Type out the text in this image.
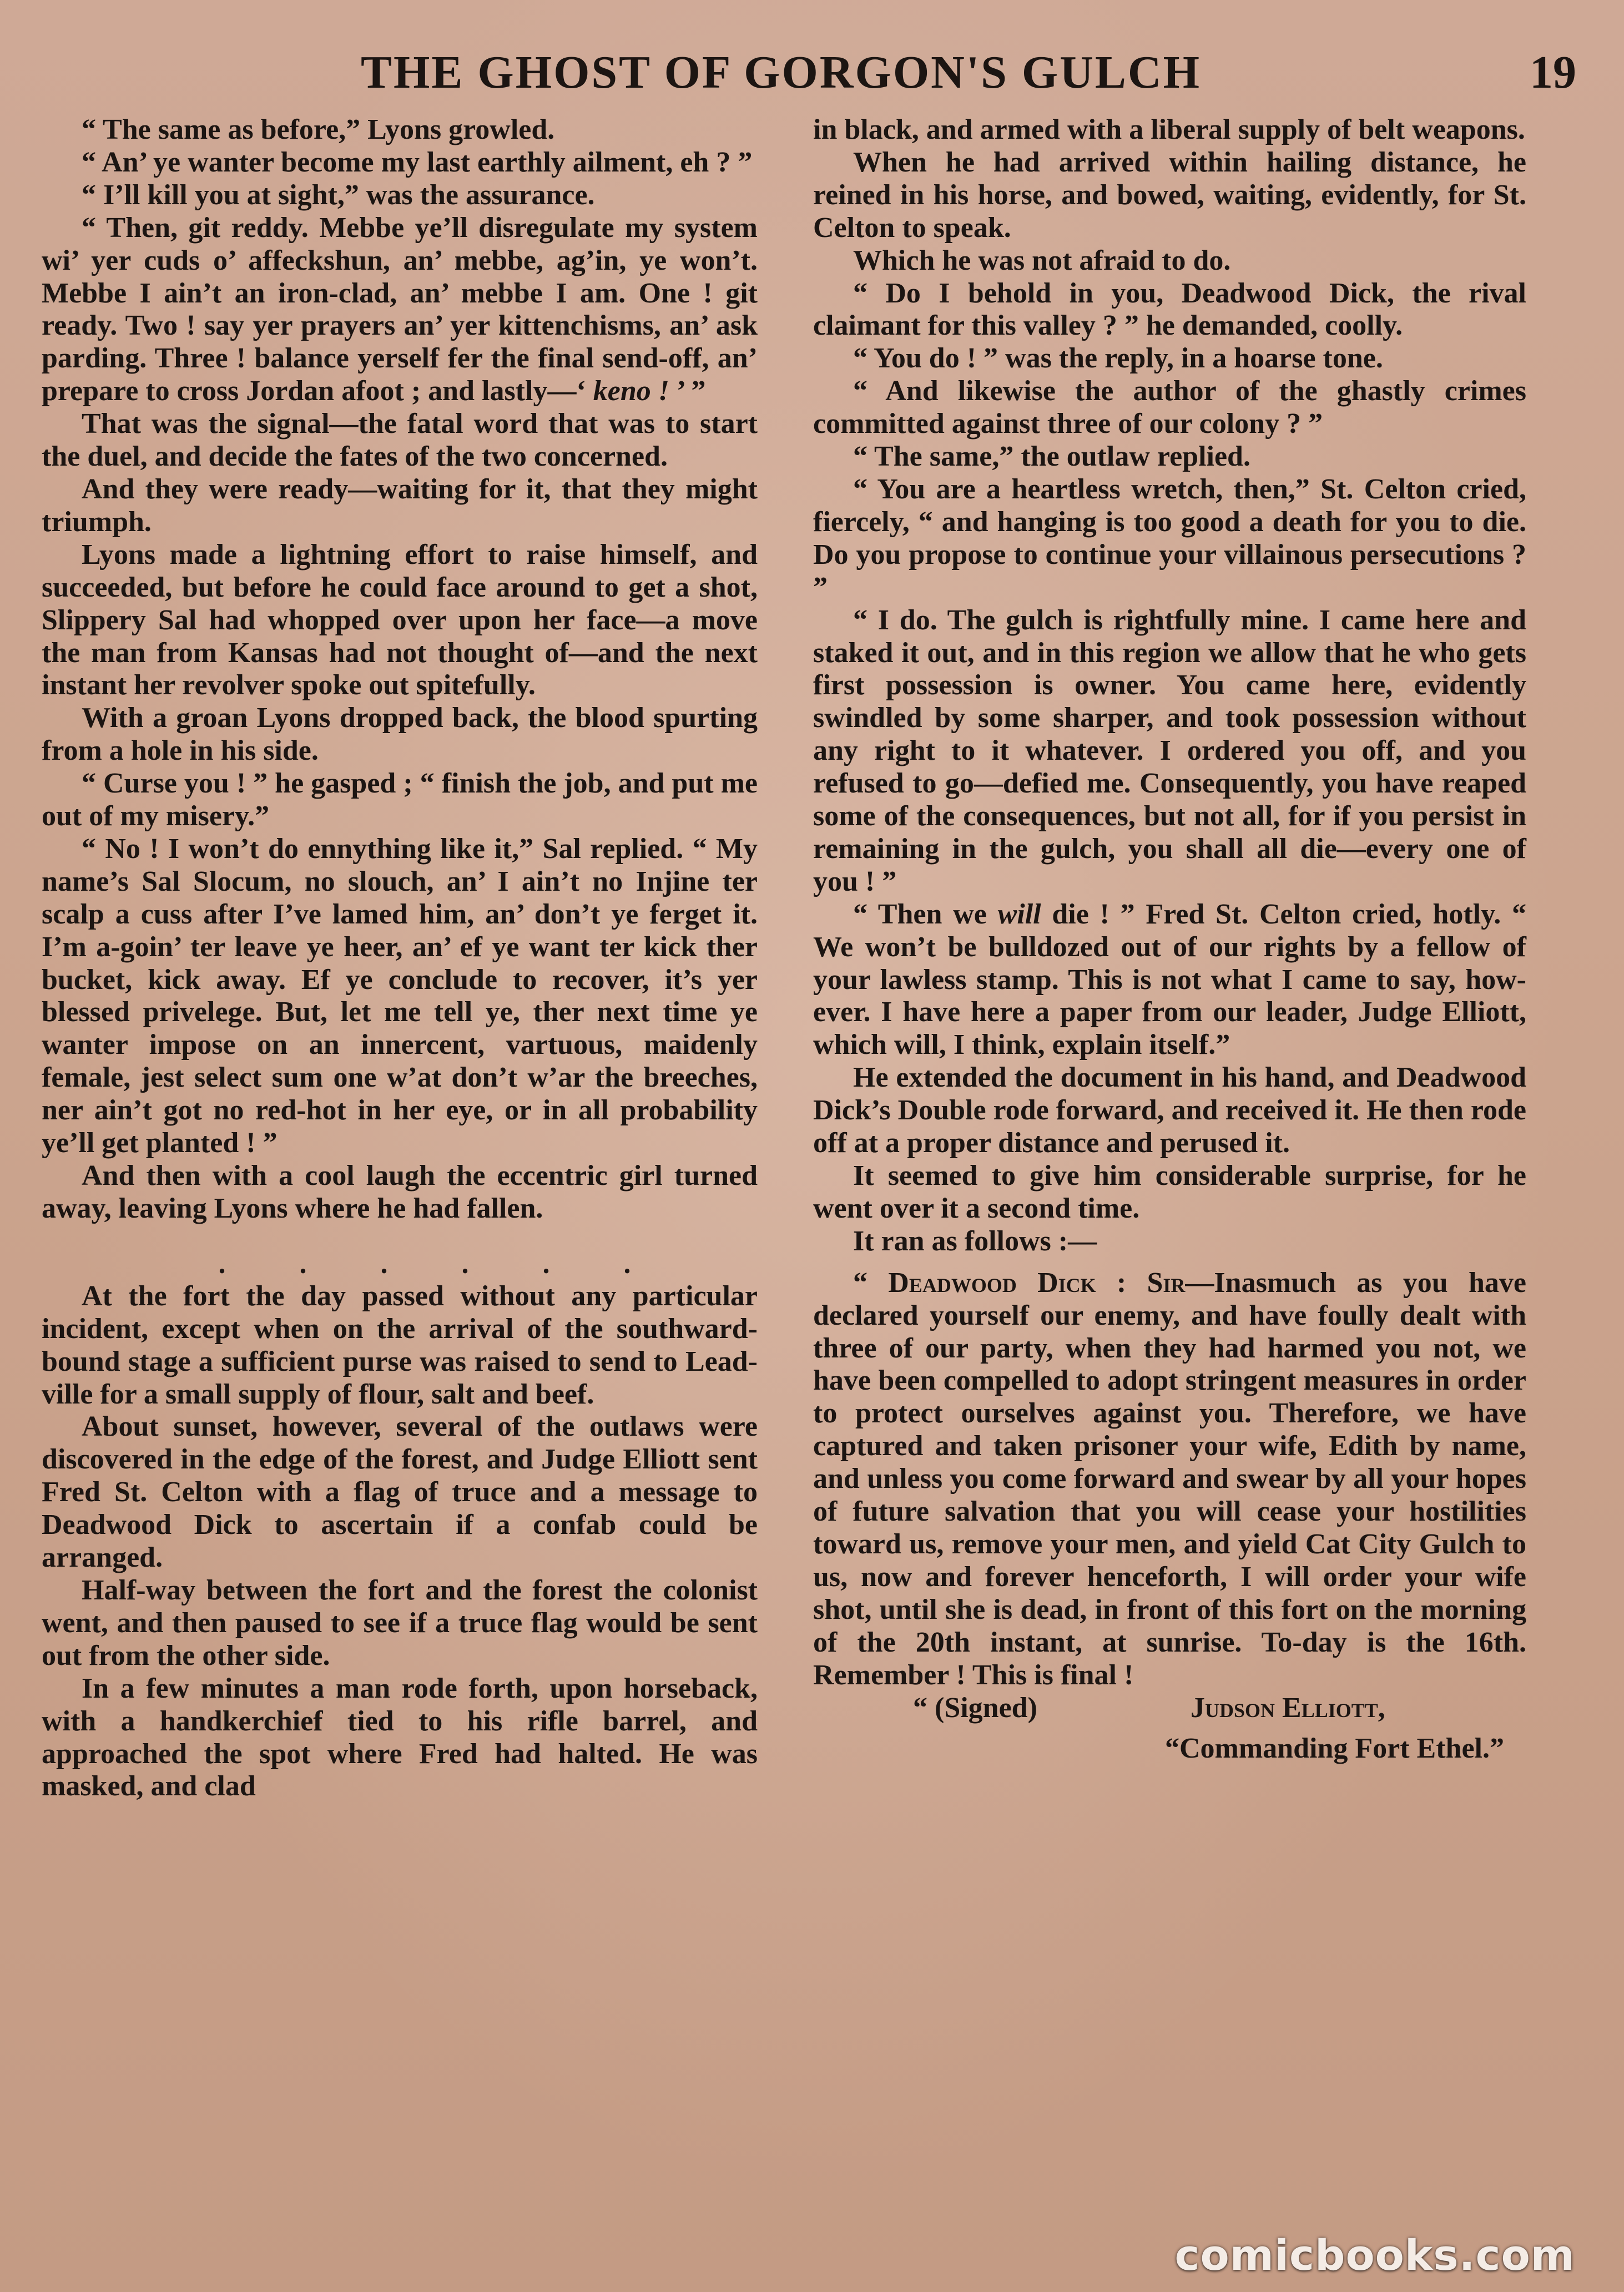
THE GHOST OF GORGON'S GULCH	19

“ The same as before,” Lyons growled.

“ An’ ye wanter become my last earthly ailment, eh ? ”

“ I’ll kill you at sight,” was the assurance.

“ Then, git reddy. Mebbe ye’ll disregulate my system wi’ yer cuds o’ affeckshun, an’ mebbe, ag’in, ye won’t. Mebbe I ain’t an iron-clad, an’ mebbe I am. One ! git ready. Two ! say yer prayers an’ yer kittenchisms, an’ ask parding. Three ! balance yerself fer the final send-off, an’ prepare to cross Jordan afoot ; and lastly—‘ keno ! ’ ”

That was the signal—the fatal word that was to start the duel, and decide the fates of the two concerned.

And they were ready—waiting for it, that they might triumph.

Lyons made a lightning effort to raise himself, and succeeded, but before he could face around to get a shot, Slippery Sal had whopped over upon her face—a move the man from Kansas had not thought of—and the next instant her revolver spoke out spitefully.

With a groan Lyons dropped back, the blood spurting from a hole in his side.

“ Curse you ! ” he gasped ; “ finish the job, and put me out of my misery.”

“ No ! I won’t do ennything like it,” Sal replied. “ My name’s Sal Slocum, no slouch, an’ I ain’t no Injine ter scalp a cuss after I’ve lamed him, an’ don’t ye ferget it. I’m a-goin’ ter leave ye heer, an’ ef ye want ter kick ther bucket, kick away. Ef ye conclude to recover, it’s yer blessed privelege. But, let me tell ye, ther next time ye wanter impose on an innercent, vartuous, maidenly female, jest select sum one w’at don’t w’ar the breeches, ner ain’t got no red-hot in her eye, or in all probability ye’ll get planted ! ”

And then with a cool laugh the eccentric girl turned away, leaving Lyons where he had fallen.

. . . . . .

At the fort the day passed without any particular incident, except when on the arrival of the southward-bound stage a sufficient purse was raised to send to Leadville for a small supply of flour, salt and beef.

About sunset, however, several of the outlaws were discovered in the edge of the forest, and Judge Elliott sent Fred St. Celton with a flag of truce and a message to Deadwood Dick to ascertain if a confab could be arranged.

Half-way between the fort and the forest the colonist went, and then paused to see if a truce flag would be sent out from the other side.

In a few minutes a man rode forth, upon horseback, with a handkerchief tied to his rifle barrel, and approached the spot where Fred had halted. He was masked, and clad

in black, and armed with a liberal supply of belt weapons.

When he had arrived within hailing distance, he reined in his horse, and bowed, waiting, evidently, for St. Celton to speak.

Which he was not afraid to do.

“ Do I behold in you, Deadwood Dick, the rival claimant for this valley ? ” he demanded, coolly.

“ You do ! ” was the reply, in a hoarse tone.

“ And likewise the author of the ghastly crimes committed against three of our colony ? ”

“ The same,” the outlaw replied.

“ You are a heartless wretch, then,” St. Celton cried, fiercely, “ and hanging is too good a death for you to die. Do you propose to continue your villainous persecutions ? ”

“ I do. The gulch is rightfully mine. I came here and staked it out, and in this region we allow that he who gets first possession is owner. You came here, evidently swindled by some sharper, and took possession without any right to it whatever. I ordered you off, and you refused to go—defied me. Consequently, you have reaped some of the consequences, but not all, for if you persist in remaining in the gulch, you shall all die—every one of you ! ”

“ Then we will die ! ” Fred St. Celton cried, hotly. “ We won’t be bulldozed out of our rights by a fellow of your lawless stamp. This is not what I came to say, however. I have here a paper from our leader, Judge Elliott, which will, I think, explain itself.”

He extended the document in his hand, and Deadwood Dick’s Double rode forward, and received it. He then rode off at a proper distance and perused it.

It seemed to give him considerable surprise, for he went over it a second time.

It ran as follows :—

“ Deadwood Dick : Sir—Inasmuch as you have declared yourself our enemy, and have foully dealt with three of our party, when they had harmed you not, we have been compelled to adopt stringent measures in order to protect ourselves against you. Therefore, we have captured and taken prisoner your wife, Edith by name, and unless you come forward and swear by all your hopes of future salvation that you will cease your hostilities toward us, remove your men, and yield Cat City Gulch to us, now and forever henceforth, I will order your wife shot, until she is dead, in front of this fort on the morning of the 20th instant, at sunrise. To-day is the 16th. Remember ! This is final !

“ (Signed)	Judson Elliott,

“Commanding Fort Ethel.”

comicbooks.com
